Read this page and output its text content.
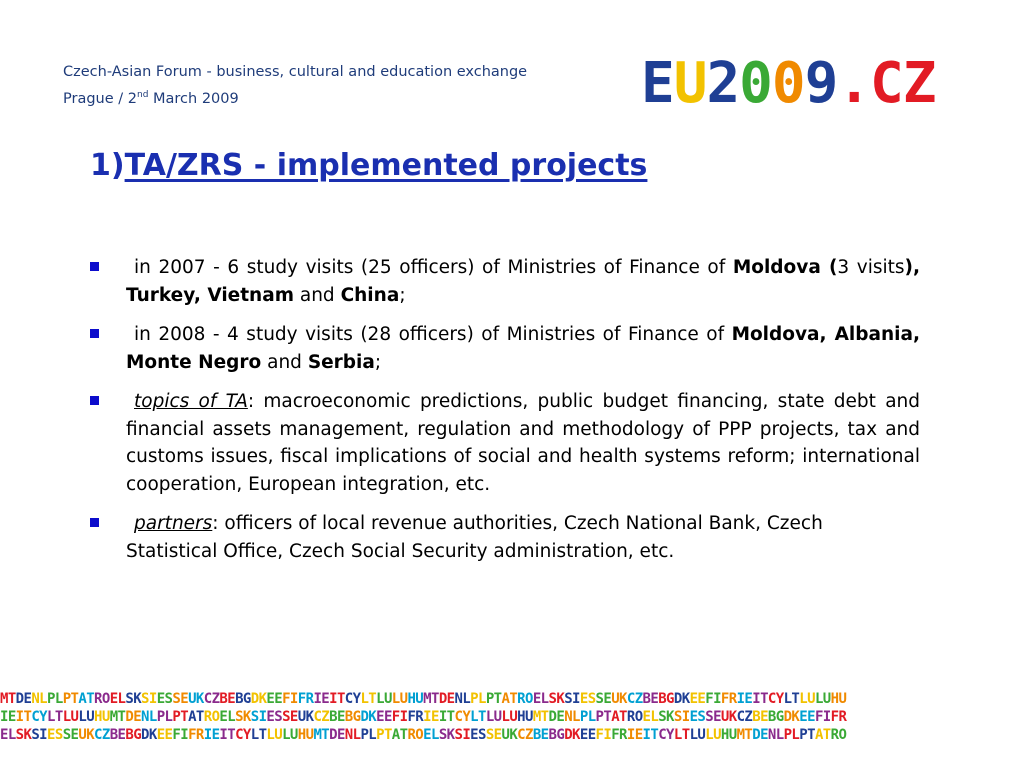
Czech-Asian Forum - business, cultural and education exchange
Prague / 2nd March 2009	EU2009.CZ
1)TA/ZRS - implemented projects
in 2007 - 6 study visits (25 officers) of Ministries of Finance of Moldova (3 visits), Turkey, Vietnam and China;
in 2008 - 4 study visits (28 officers) of Ministries of Finance of Moldova, Albania, Monte Negro and Serbia;
topics of TA: macroeconomic predictions, public budget financing, state debt and financial assets management, regulation and methodology of PPP projects, tax and customs issues, fiscal implications of social and health systems reform; international cooperation, European integration, etc.
partners: officers of local revenue authorities, Czech National Bank, Czech Statistical Office, Czech Social Security administration, etc.
MTDENLPLPTATROELSKSIESSEUKCZBEBGDKEEFIFRIEITCYLTLULUHUMTDENLPLPTATROELSKSIESSEUKCZBEBGDKEEFIFRIEITCYLTLULUHU
IEITCYLTLULUHUMTDENLPLPTATROELSKSIESSEUKCZBEBGDKEEFIFRIEITCYLTLULUHUMTDENLPLPTATROELSKSIESSEUKCZBEBGDKEEFIFR
ELSKSIESSEUKCZBEBGDKEEFIFRIEITCYLTLULUHUMTDENLPLPTATROELSKSIESSEUKCZBEBGDKEEFIFRIEITCYLTLULUHUMTDENLPLPTATRO
